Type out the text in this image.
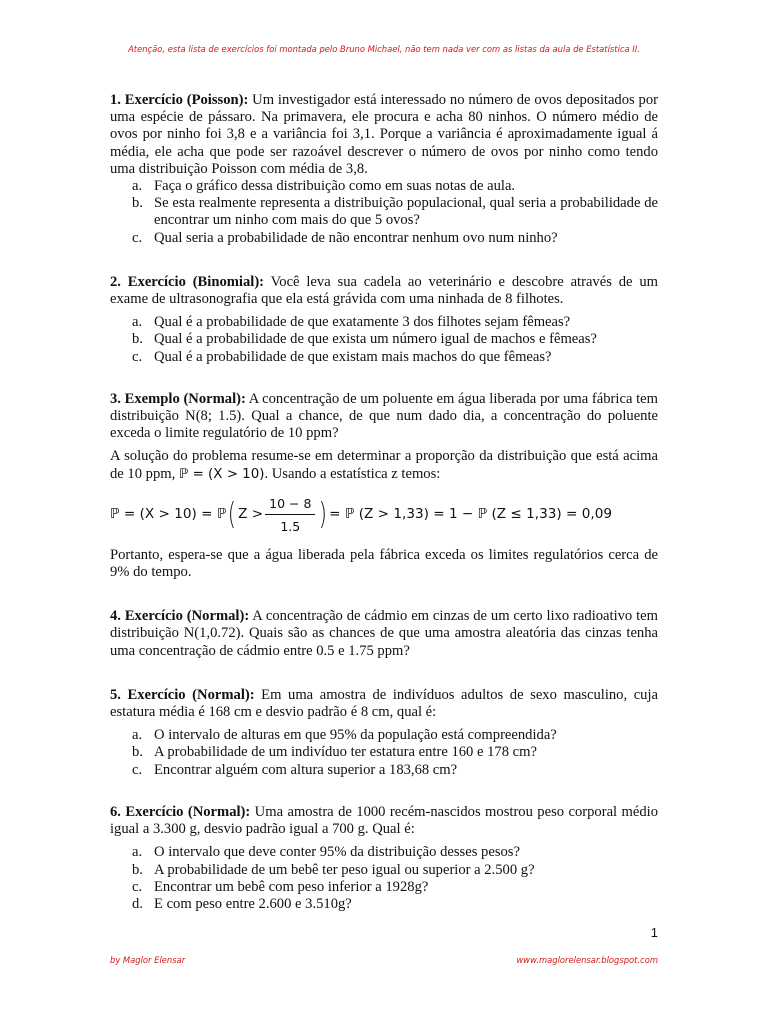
Atenção, esta lista de exercícios foi montada pelo Bruno Michael, não tem nada ver com as listas da aula de Estatística II.

1. Exercício (Poisson): Um investigador está interessado no número de ovos depositados por uma espécie de pássaro. Na primavera, ele procura e acha 80 ninhos. O número médio de ovos por ninho foi 3,8 e a variância foi 3,1. Porque a variância é aproximadamente igual á média, ele acha que pode ser razoável descrever o número de ovos por ninho como tendo uma distribuição Poisson com média de 3,8.

a. Faça o gráfico dessa distribuição como em suas notas de aula.
b. Se esta realmente representa a distribuição populacional, qual seria a probabilidade de encontrar um ninho com mais do que 5 ovos?
c. Qual seria a probabilidade de não encontrar nenhum ovo num ninho?

2. Exercício (Binomial): Você leva sua cadela ao veterinário e descobre através de um exame de ultrasonografia que ela está grávida com uma ninhada de 8 filhotes.

a. Qual é a probabilidade de que exatamente 3 dos filhotes sejam fêmeas?
b. Qual é a probabilidade de que exista um número igual de machos e fêmeas?
c. Qual é a probabilidade de que existam mais machos do que fêmeas?

3. Exemplo (Normal): A concentração de um poluente em água liberada por uma fábrica tem distribuição N(8; 1.5). Qual a chance, de que num dado dia, a concentração do poluente exceda o limite regulatório de 10 ppm?

A solução do problema resume-se em determinar a proporção da distribuição que está acima de 10 ppm, ℙ = (X > 10). Usando a estatística z temos:

ℙ = (X > 10) = ℙ ( $Z > \frac{10 - 8}{1.5}$ ) = ℙ (Z > 1,33) = 1 − ℙ (Z ≤ 1,33) = 0,09

Portanto, espera-se que a água liberada pela fábrica exceda os limites regulatórios cerca de 9% do tempo.

4. Exercício (Normal): A concentração de cádmio em cinzas de um certo lixo radioativo tem distribuição N(1,0.72). Quais são as chances de que uma amostra aleatória das cinzas tenha uma concentração de cádmio entre 0.5 e 1.75 ppm?

5. Exercício (Normal): Em uma amostra de indivíduos adultos de sexo masculino, cuja estatura média é 168 cm e desvio padrão é 8 cm, qual é:

a. O intervalo de alturas em que 95% da população está compreendida?
b. A probabilidade de um indivíduo ter estatura entre 160 e 178 cm?
c. Encontrar alguém com altura superior a 183,68 cm?

6. Exercício (Normal): Uma amostra de 1000 recém-nascidos mostrou peso corporal médio igual a 3.300 g, desvio padrão igual a 700 g. Qual é:

a. O intervalo que deve conter 95% da distribuição desses pesos?
b. A probabilidade de um bebê ter peso igual ou superior a 2.500 g?
c. Encontrar um bebê com peso inferior a 1928g?
d. E com peso entre 2.600 e 3.510g?
1
by Maglor Elensar	www.maglorelensar.blogspot.com
